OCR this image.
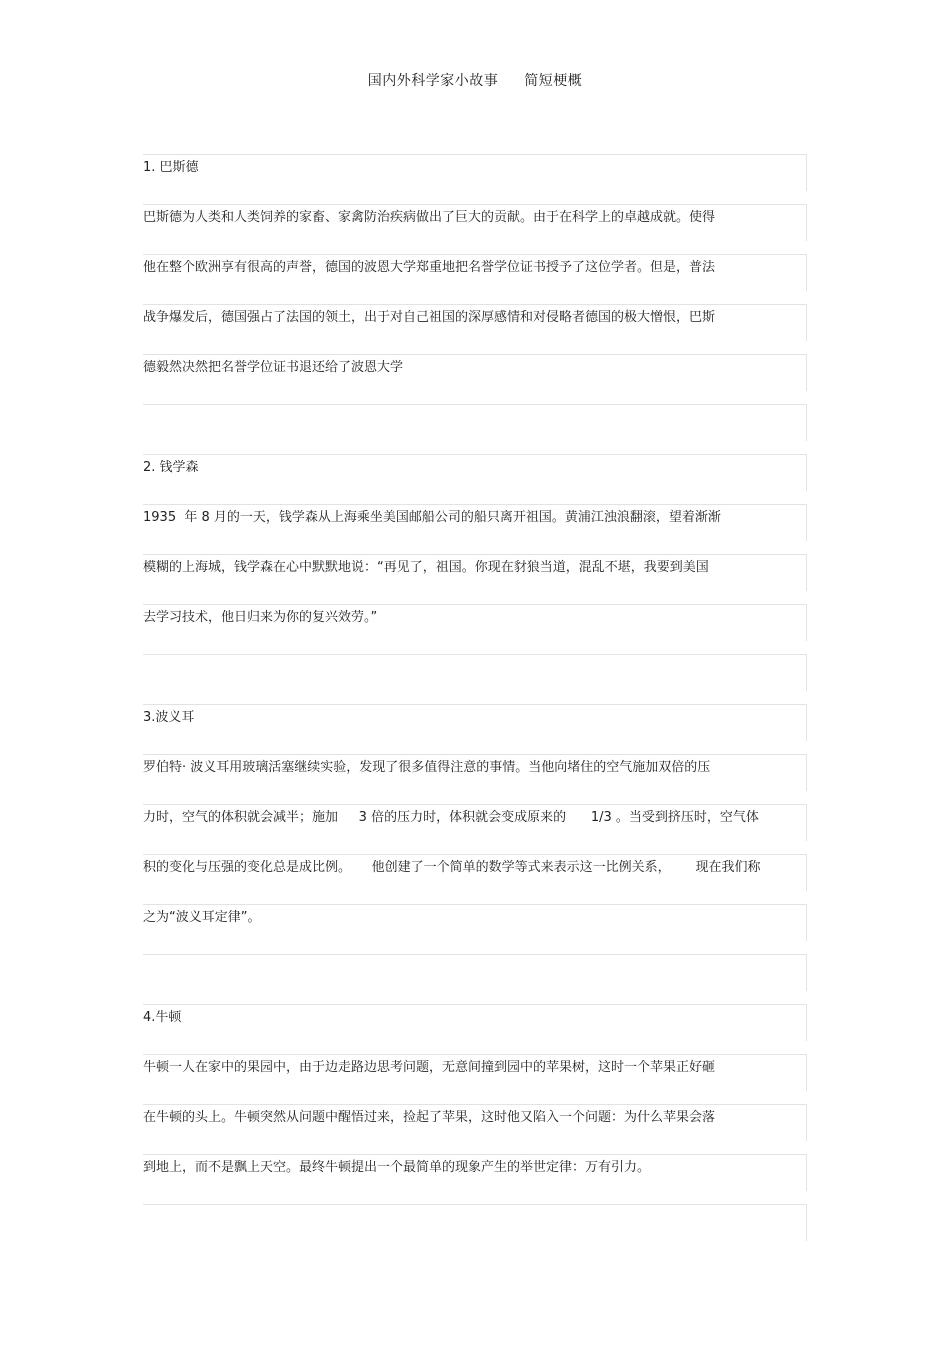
国内外科学家小故事 简短梗概
1. 巴斯德
巴斯德为人类和人类饲养的家畜、家禽防治疾病做出了巨大的贡献。由于在科学上的卓越成就。使得
他在整个欧洲享有很高的声誉，德国的波恩大学郑重地把名誉学位证书授予了这位学者。但是，普法
战争爆发后，德国强占了法国的领土，出于对自己祖国的深厚感情和对侵略者德国的极大憎恨，巴斯
德毅然决然把名誉学位证书退还给了波恩大学
2. 钱学森
1935  年 8 月的一天，钱学森从上海乘坐美国邮船公司的船只离开祖国。黄浦江浊浪翻滚，望着渐渐
模糊的上海城，钱学森在心中默默地说：“再见了，祖国。你现在豺狼当道，混乱不堪，我要到美国
去学习技术，他日归来为你的复兴效劳。”
3.波义耳
罗伯特· 波义耳用玻璃活塞继续实验，发现了很多值得注意的事情。当他向堵住的空气施加双倍的压
力时，空气的体积就会减半；施加     3 倍的压力时，体积就会变成原来的      1/3 。当受到挤压时，空气体
积的变化与压强的变化总是成比例。     他创建了一个简单的数学等式来表示这一比例关系，      现在我们称
之为“波义耳定律”。
4.牛顿
牛顿一人在家中的果园中，由于边走路边思考问题，无意间撞到园中的苹果树，这时一个苹果正好砸
在牛顿的头上。牛顿突然从问题中醒悟过来，捡起了苹果，这时他又陷入一个问题：为什么苹果会落
到地上，而不是飘上天空。最终牛顿提出一个最简单的现象产生的举世定律：万有引力。
